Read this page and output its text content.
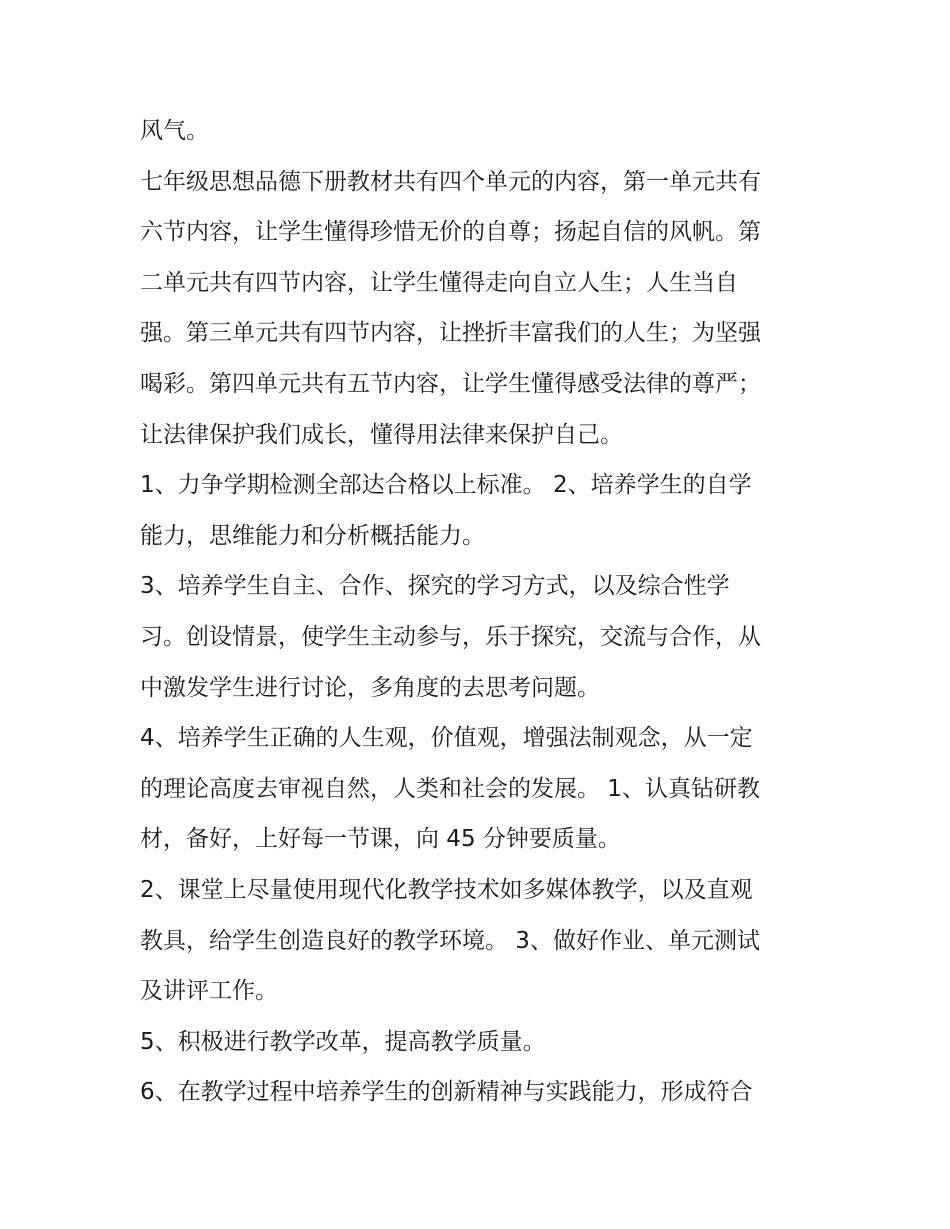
风气。
七年级思想品德下册教材共有四个单元的内容，第一单元共有
六节内容，让学生懂得珍惜无价的自尊；扬起自信的风帆。第
二单元共有四节内容，让学生懂得走向自立人生；人生当自
强。第三单元共有四节内容，让挫折丰富我们的人生；为坚强
喝彩。第四单元共有五节内容，让学生懂得感受法律的尊严；
让法律保护我们成长，懂得用法律来保护自己。
1、力争学期检测全部达合格以上标准。 2、培养学生的自学
能力，思维能力和分析概括能力。
3、培养学生自主、合作、探究的学习方式，以及综合性学
习。创设情景，使学生主动参与，乐于探究，交流与合作，从
中激发学生进行讨论，多角度的去思考问题。
4、培养学生正确的人生观，价值观，增强法制观念，从一定
的理论高度去审视自然，人类和社会的发展。 1、认真钻研教
材，备好，上好每一节课，向 45 分钟要质量。
2、课堂上尽量使用现代化教学技术如多媒体教学，以及直观
教具，给学生创造良好的教学环境。 3、做好作业、单元测试
及讲评工作。
5、积极进行教学改革，提高教学质量。
6、在教学过程中培养学生的创新精神与实践能力，形成符合
